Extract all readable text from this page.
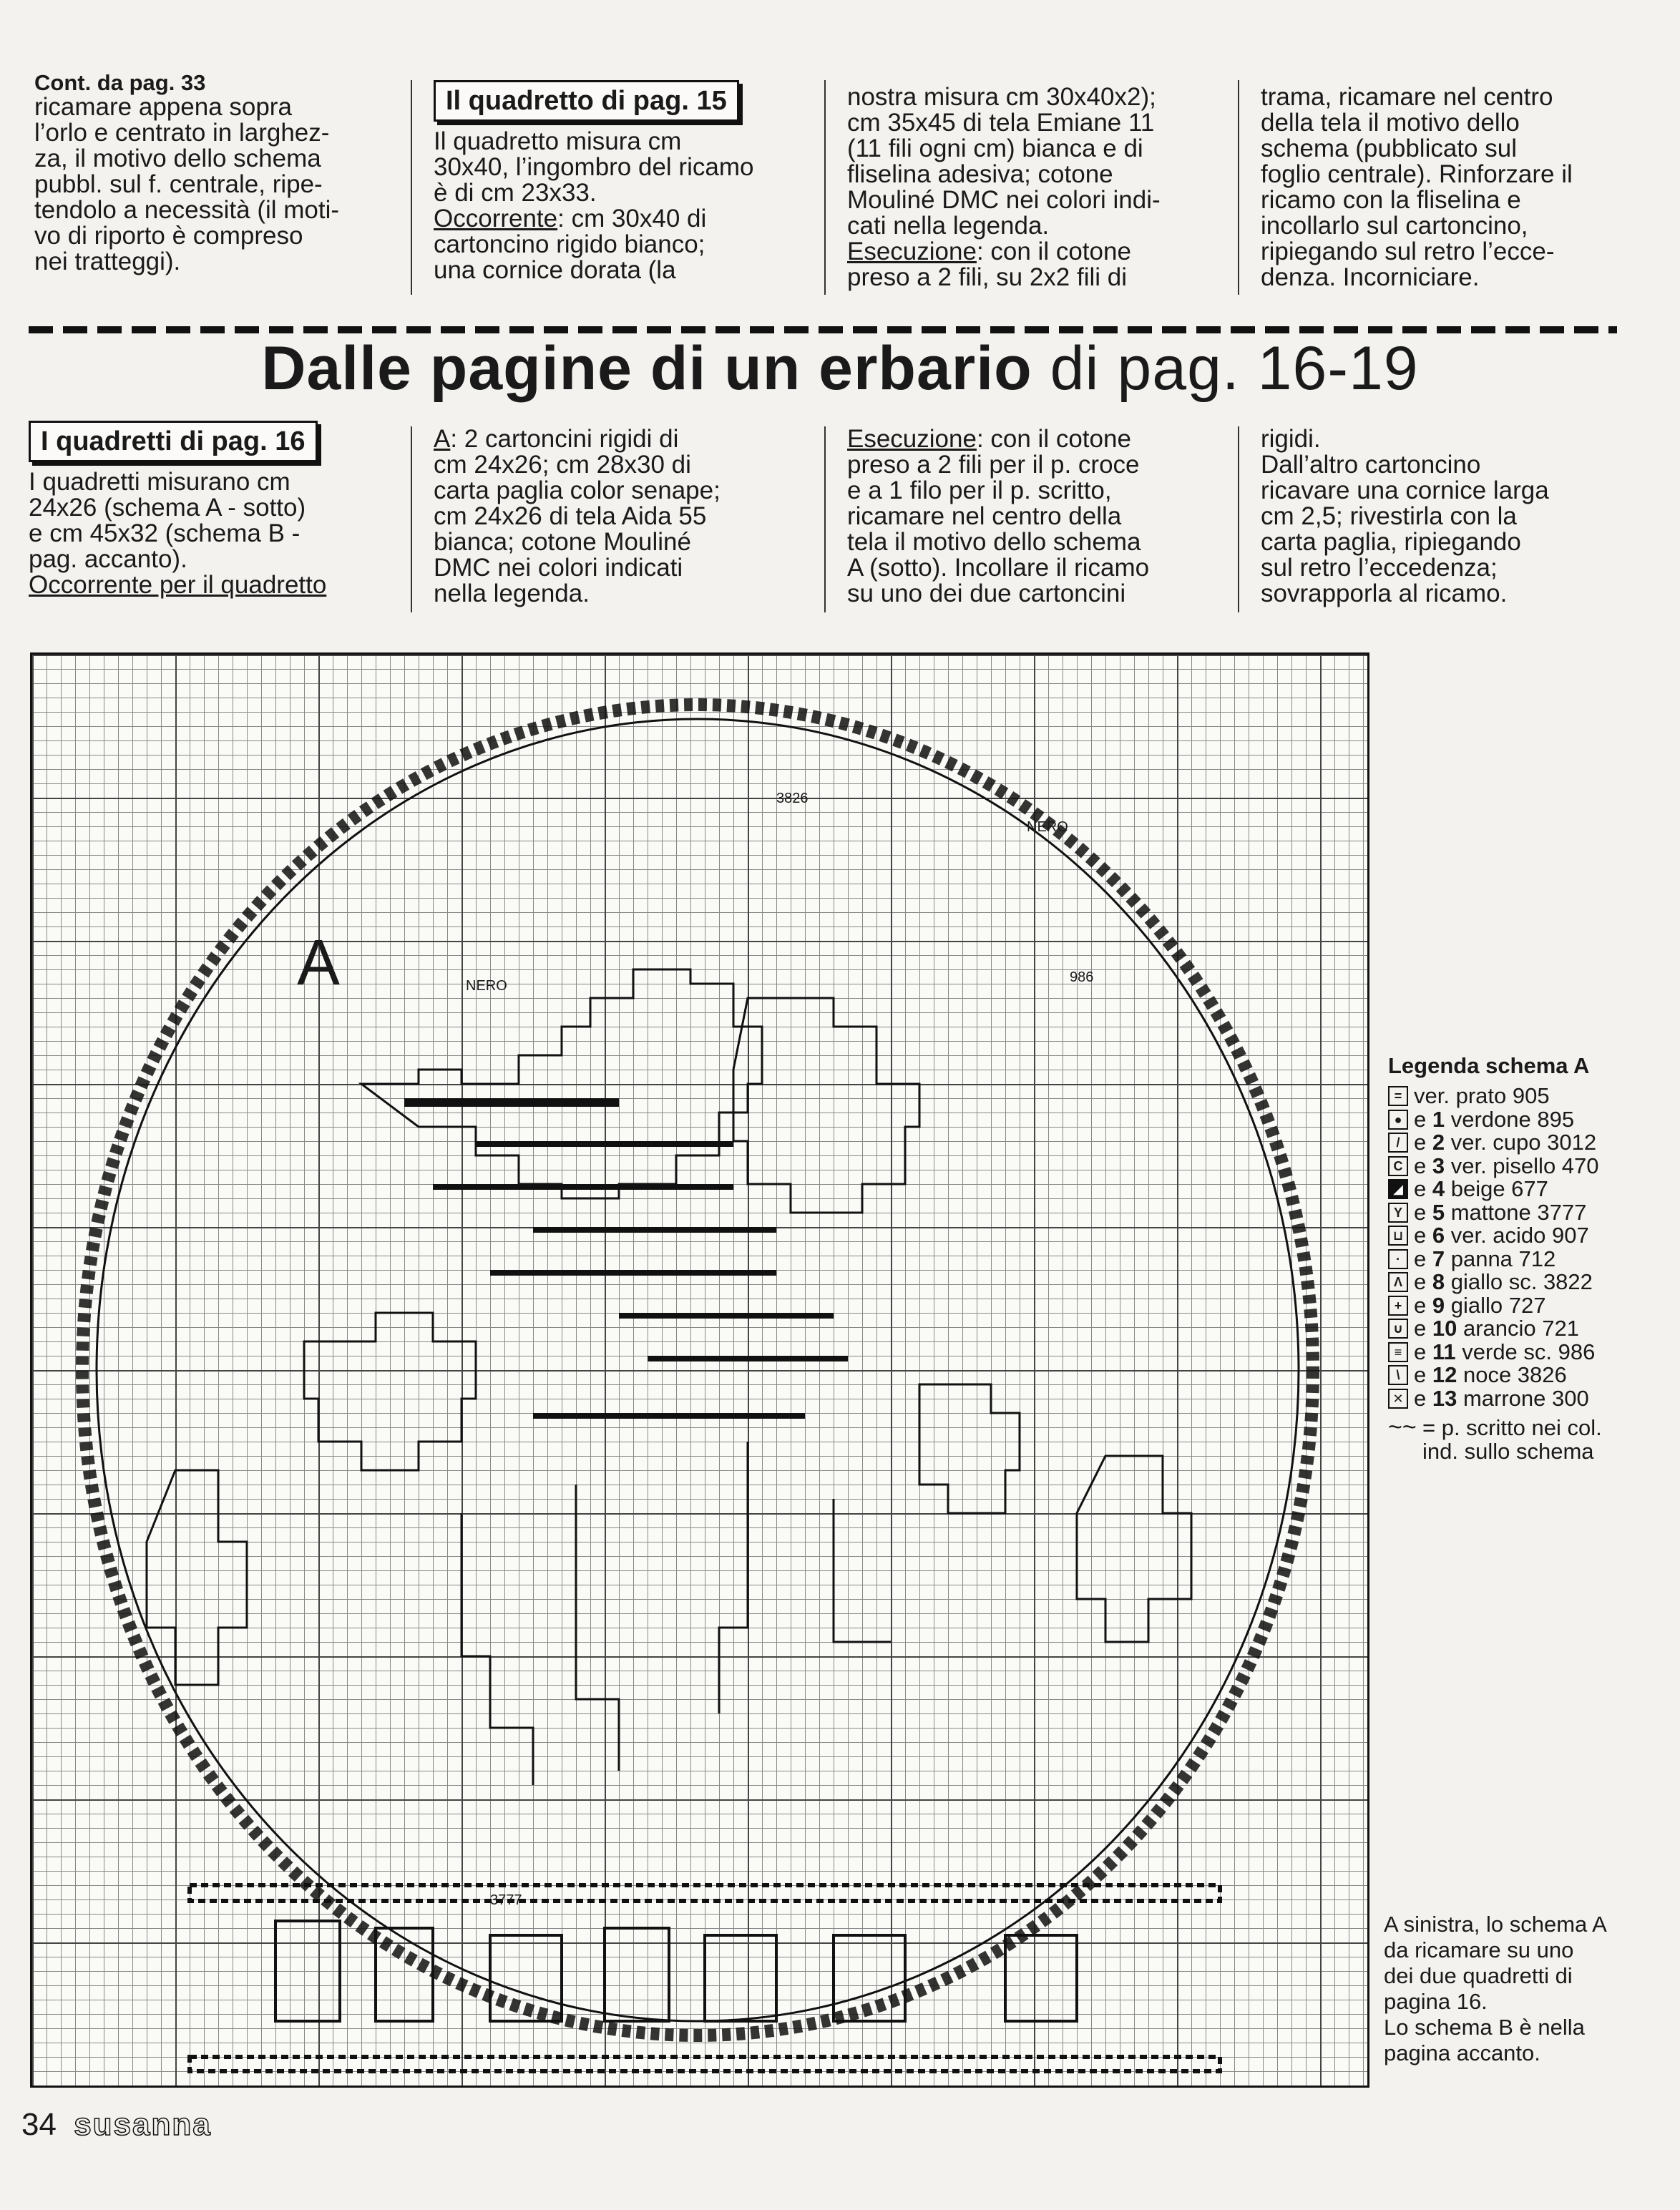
Cont. da pag. 33

ricamare appena sopra
l’orlo e centrato in larghez-
za, il motivo dello schema
pubbl. sul f. centrale, ripe-
tendolo a necessità (il moti-
vo di riporto è compreso
nei tratteggi).

Il quadretto di pag. 15

Il quadretto misura cm
30x40, l’ingombro del ricamo
è di cm 23x33.

Occorrente: cm 30x40 di
cartoncino rigido bianco;
una cornice dorata (la

nostra misura cm 30x40x2);
cm 35x45 di tela Emiane 11
(11 fili ogni cm) bianca e di
fliselina adesiva; cotone
Mouliné DMC nei colori indi-
cati nella legenda.

Esecuzione: con il cotone
preso a 2 fili, su 2x2 fili di

trama, ricamare nel centro
della tela il motivo dello
schema (pubblicato sul
foglio centrale). Rinforzare il
ricamo con la fliselina e
incollarlo sul cartoncino,
ripiegando sul retro l’ecce-
denza. Incorniciare.

Dalle pagine di un erbario di pag. 16-19
I quadretti di pag. 16

I quadretti misurano cm
24x26 (schema A - sotto)
e cm 45x32 (schema B -
pag. accanto).

Occorrente per il quadretto

A: 2 cartoncini rigidi di
cm 24x26; cm 28x30 di
carta paglia color senape;
cm 24x26 di tela Aida 55
bianca; cotone Mouliné
DMC nei colori indicati
nella legenda.

Esecuzione: con il cotone
preso a 2 fili per il p. croce
e a 1 filo per il p. scritto,
ricamare nel centro della
tela il motivo dello schema
A (sotto). Incollare il ricamo
su uno dei due cartoncini

rigidi.
Dall’altro cartoncino
ricavare una cornice larga
cm 2,5; rivestirla con la
carta paglia, ripiegando
sul retro l’eccedenza;
sovrapporla al ricamo.

A
NERO
NERO
3826
986
3777
Legenda schema A
= ver. prato 905
● e 1 verdone 895
/ e 2 ver. cupo 3012
C e 3 ver. pisello 470
◢ e 4 beige 677
Y e 5 mattone 3777
⊔ e 6 ver. acido 907
· e 7 panna 712
Λ e 8 giallo sc. 3822
+ e 9 giallo 727
∪ e 10 arancio 721
≡ e 11 verde sc. 986
\ e 12 noce 3826
✕ e 13 marrone 300
~~ = p. scritto nei col.
ind. sullo schema
A sinistra, lo schema A
da ricamare su uno
dei due quadretti di
pagina 16.
Lo schema B è nella
pagina accanto.
34 susanna
